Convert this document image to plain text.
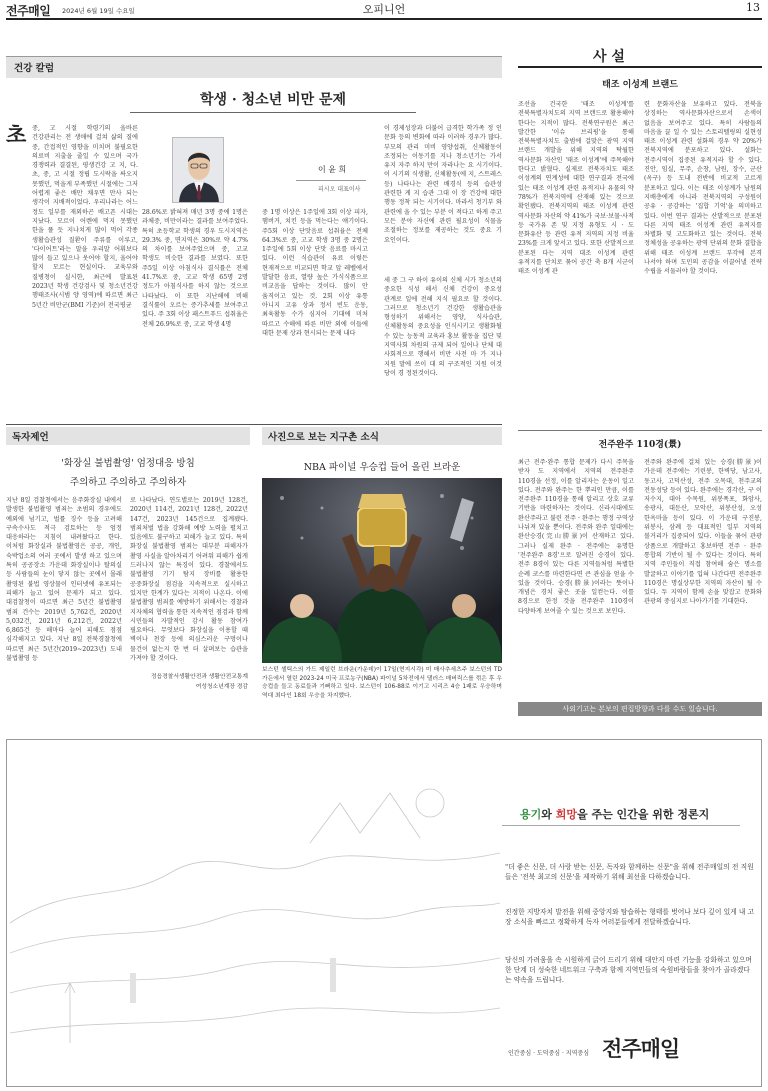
전주매일 2024년 6월 19일 수요일	오피니언	13
건강 칼럼
학생 · 청소년 비만 문제
이 윤 희
피시오 대표이사
초 중, 고 시절 학령기의 올바른 건강관리는 전 생애에 걸쳐 삶의 질에 중, 간접적인 영향을 미치며 불필요한 의료비 지출을 줄일 수 있으며 국가 경쟁력과 결결된, 평생건강 고 지, 다. 초, 중, 고 시절 정립 도시락을 싸오지 못했던, 먹을게 부족했던 시절에는 그저 어렵게 좋은 배만 채우면 만사 되는 생각이 지배적이었다. 우리나라는 어느 정도 일부를 재외하곤 배고픈 시대는 지났다. 모르이 어렌에 먹지 못했던 한을 풀 듯 지나치게 많이 먹어 각종 생활습관성 질환이 주류를 이루고, '다이어트'라는 말을 우리말 어휘보다 많이 들고 있으나 웃어야 할지, 울어야 할지 모르는 현실이다. 교육부와 질병청이 실시한, 최근에 발표된 2023년 학생 건강검사 및 청소년건강 행태조사(시범 양 영역)에 따르면 최근 5년간 비만군(BMI 기준)이 전국평균
28.6%로 밝혀져 매년 3명 중에 1명은 과체중, 비만이라는 결과를 보여주었다. 특히 초등학교 학생의 경우 도시지역은 29.3% 중, 면지역은 30%로 약 4.7%의 차이를 보여주었으며 중, 고교 학생도 비슷한 결과를 보였다. 또한 주5일 이상 아침식사 결식률은 전체 41.7%로 중, 고교 학생 65명 2명 정도가 아침식사를 하지 않는 것으로 나타났다. 이 또한 지난해에 비해 결식률이 오르는 증가추세를 보여주고 있다. 주 3회 이상 패스트푸드 섭취율은 전체 26.9%로 중, 고교 학생 4명
중 1명 이상은 1주일에 3회 이상 피자, 햄버거, 치킨 등을 먹는다는 얘기이다. 주5회 이상 단맛음료 섭취율은 전체 64.3%로 중, 고교 학생 3명 중 2명은 1주일에 5회 이상 단맛 음료를 마시고 있다. 이런 식습관이 유료 이렇든 현재적으로 비교되면 학교 앞 레벨에서 발달한 음료, 열량 높은 가식식품으로 비교음을 답하는 것이다. 많이 안 움직이고 있는 것. 2회 이상 유통 아니지 고유 상과 정서 빈도 운동, 최육활동 수가 심지어 기대에 미처 따르고 수해에 따른 비만 외에 이들에 대한 문제 상과 현시되는 문제 내다
이 경제성장과 더불어 급격한 학가족 정 인 문화 등의 변화에 따라 이러하 경우가 많다. 부모의 관리 미비 영양섭취, 신체활동이 조정되는 이동기를 지나 청소년기는 가서 유지 자주 하지 만이 자라나는 요 시기이다. 이 시기의 식생활, 신체활동(에 지, 스트레스 등) 나타나는 관련 배경식 등의 습관성 관련한 게 지 습관 그대 이 장 건강에 대한 행동 정착 되는 시기이다. 마라서 청기부 와 관련에 올 수 있는 부분 이 적다고 하게 주고 모든 분야 자신에 관련 필요성이 식물을 조절하는 정보를 제공하는 것도 중요 기 요인이다.
세 중 그 구 하이 유이의 신체 시가 청소년의 중요한 식성 해서 신체 건강이 중요성 관계로 일에 전해 지식 필요로 할 것이다. 그러므로 청소년기 건강한 생활습관을 형성하기 위해서는 영양, 식사습관, 신체활동의 중요성을 인식시키고 생활화될 수 있는 능동적 교육과 홍보 활동을 집단 및 지역사회 차원의 규제 되어 일어나 단체 대 사회적으로 행해서 비만 사전 마 가 지나 지원 말에 쓰이 대 의 구조적인 지원 이것 당이 경 정된것이다.
사 설
태조 이성계 브랜드
조선을 건국한 '태조 이성계'를 전북특별자치도의 지역 브랜드로 활용해야 한다는 지적이 많다. 전북연구원은 최근 발간한 '이슈 브리핑'을 통해 전북특별자치도 출범에 걸맞은 광역 지역 브랜드 개발을 위해 지역의 탁월한 역사문화 자산인 '태조 이성계'에 주목해야 한다고 밝혔다. 실제로 전북자치도 태조 이성계의 연계성에 대한 연구결과 전국에 있는 태조 이성계 관련 유적지나 유물의 약 78%가 전북지역에 산재해 있는 것으로 확인됐다. 전북지역의 태조 이성계 관련 역사문화 자산의 약 41%가 국보·보물·사적 등 국가유 존 및 지정 유형도 시 · 도 문화유산 등 관련 유적 지역의 지정 비율 23%를 크게 앞서고 있다. 또한 산발적으로 분포된 다는 지역 대조 이성계 관련 유적지를 단치로 묶어 공간 축 8개 시군이 태조 이성계 관
련 문화자산을 보유하고 있다. 전북을 상징하는 역사문화자산으로서 손색이 없음을 보여주고 있다. 특히 사람들의 마음을 끌 일 수 있는 스토리텔링의 실현성 태조 이성계 관련 설화의 경우 약 20%가 전북지역에 분포하고 있다. 설화는 전주시역이 집중된 유적지라 할 수 있다. 진안, 임실, 무주, 순창, 남원, 장수, 군산(옥구) 등 도내 전반에 비교적 고르게 분포하고 있다. 이는 태조 이성계가 남원의 지배층에게 아니라 전북지역의 구성원이 공유 · 공감하는 '집합 기억'을 의미하고 있다. 이번 연구 결과는 산발적으로 분포된 다른 지역 태조 이성계 관련 유적지를 차별화 및 고도화하고 있는 것이다. 전북 정체성을 공유하는 광역 단위의 문화 결합을 위해 태조 이성계 브랜드 부각에 본격 나서야 하며 도민의 공감을 이끌어낼 전략 수립을 서둘러야 할 것이다.
전주완주 110경(景)
최근 전주·완주 통합 문제가 다시 주목을 받자 도 지역에서 지역의 전주완주 110경을 선정, 이를 알리자는 운동이 일고 있다. 전주와 완주는 한 뿌리인 만큼, 이를 전주완주 110경을 통해 알리고 상호 교류 기반을 마련하자는 것이다. 신라시대에도 완산주라고 불린 전주 · 완주는 행정 구역상 나뉘져 있을 뿐이다. 전주와 완주 일대에는 완산승경(完山勝景)이 산재하고 있다. 그러나 실제 완주 · 전주에는 유명한 '전주완주 8경'으로 알려진 승경이 있다. 전주 8경이 있는 다른 지역들처럼 특별한 순례 코스를 마련한다면 큰 관심을 얻을 수 있을 것이다. 승경(勝景)이라는 뜻이나 개념은 경치 좋은 곳을 일컫는다. 이를 8경으로 한정 것을 전주완주 110경이 다양하게 보여줄 수 있는 것으로 보인다.
전주와 완주에 걸쳐 있는 승경(勝景)이 가운데 전주에는 기린봉, 한벽당, 남고사, 동고사, 고덕산성, 전주 오목대, 천주교의 전동성당 등이 있다. 완주에는 경각산, 구 이 저수지, 대아 수목원, 위봉폭포, 화암사, 송광사, 대둔산, 모악산, 위봉산성, 오성 한옥마을 등이 있다. 이 가운데 구진봉, 위봉사, 삼례 등 대표적인 일부 지역의 볼거리가 집중되어 있다. 이들을 묶어 관광 상품으로 개발하고 홍보하면 전주 · 완주 통합의 기반이 될 수 있다는 것이다. 특히 지역 주민들이 직접 참여해 숨은 명소를 발굴하고 이야기를 입혀 나간다면 전주완주 110경은 명실상부한 지역의 자산이 될 수 있다. 두 지역이 함께 손을 맞잡고 문화와 관광의 중심지로 나아가기를 기대한다.
사외기고는 본보의 편집방향과 다를 수도 있습니다.
독자제언
'화장실 불법촬영' 엄정대응 방침
주의하고 주의하고 주의하자
지난 8일 검찰청에서는 음주화장실 내에서 발생한 불법촬영 범죄는 초범의 경우에도 예외에 넘기고, 벌률 징수 등을 고려해 구속수사도 적극 검토하는 등 엄정 대응하라는 지침이 내려왔다고 한다. 이처럼 화장실과 불법촬영은 공공, 개인, 숙박업소의 여러 곳에서 발생 하고 있으며 특히 공공장소 가운데 화장실이나 탈의실 등 사람들의 눈이 닿지 않는 곳에서 몰래 촬영된 불법 영상물이 인터넷에 유포되는 피해가 늘고 있어 문제가 되고 있다. 대검찰청이 따르면 최근 5년간 불법촬영 범죄 건수는 2019년 5,762건, 2020년 5,032건, 2021년 6,212건, 2022년 6,865건 등 해마다 늘어 피해도 점점 심각해지고 있다. 지난 8일 전북경찰청에 따르면 최근 5년간(2019~2023년) 도내 불법촬영 등
로 나타났다. 연도별로는 2019년 128건, 2020년 114건, 2021년 128건, 2022년 147건, 2023년 145건으로 집계됐다. 범죄처벌 법을 강화해 예방 노력을 펼치고 있음에도 불구하고 피해가 늘고 있다. 특히 화장실 불법촬영 범죄는 대부분 피해자가 촬영 사실을 알아차리기 어려워 피해가 쉽게 드러나지 않는 특징이 있다. 경찰에서도 불법촬영 기기 탐지 장비를 활용한 공중화장실 점검을 지속적으로 실시하고 있지만 한계가 있다는 지적이 나온다. 이에 불법촬영 범죄를 예방하기 위해서는 경찰과 지자체의 협력을 통한 지속적인 점검과 함께 시민들의 자발적인 감시 활동 참여가 필요하다. 무엇보다 화장실을 이용할 때 벽이나 천장 등에 의심스러운 구멍이나 물건이 없는지 한 번 더 살펴보는 습관을 가져야 할 것이다.
정읍경찰서생활안전과 생활안전교통계
여성청소년계장 경감
사진으로 보는 지구촌 소식
NBA 파이널 우승컵 들어 올린 브라운
보스턴 셀틱스의 가드 제일런 브라운(가운데)이 17일(현지시각) 미 매사추세츠주 보스턴의 TD 가든에서 열린 2023-24 미국 프로농구(NBA) 파이널 5차전에서 댈러스 매버릭스를 꺾은 후 우승컵을 들고 동료들과 기뻐하고 있다. 보스턴이 106-88로 이기고 시리즈 4승 1패로 우승하며 역대 최다인 18회 우승을 차지했다.
용기와 희망을 주는 인간을 위한 정론지
"더 좋은 신문, 더 사랑 받는 신문, 독자와 함께하는 신문"을 위해 전주매일의 전 직원들은 '전북 최고의 신문'을 제작하기 위해 최선을 다하겠습니다.
진정한 지방자치 발전을 위해 중앙지와 탐습하는 형태를 벗어나 보다 깊이 있게 내 고장 소식을 빠르고 정확하게 독자 여러분들에게 전달하겠습니다.
당신의 가려움을 속 시원하게 긁어 드리기 위해 대안지 마련 기능을 강화하고 있으며 한 단계 더 성숙한 네트워크 구축과 함께 지역민들의 숙원바람들을 찾아가 골라겠다는 약속을 드립니다.
인간중심 · 도덕중심 · 지역중심 전주매일
